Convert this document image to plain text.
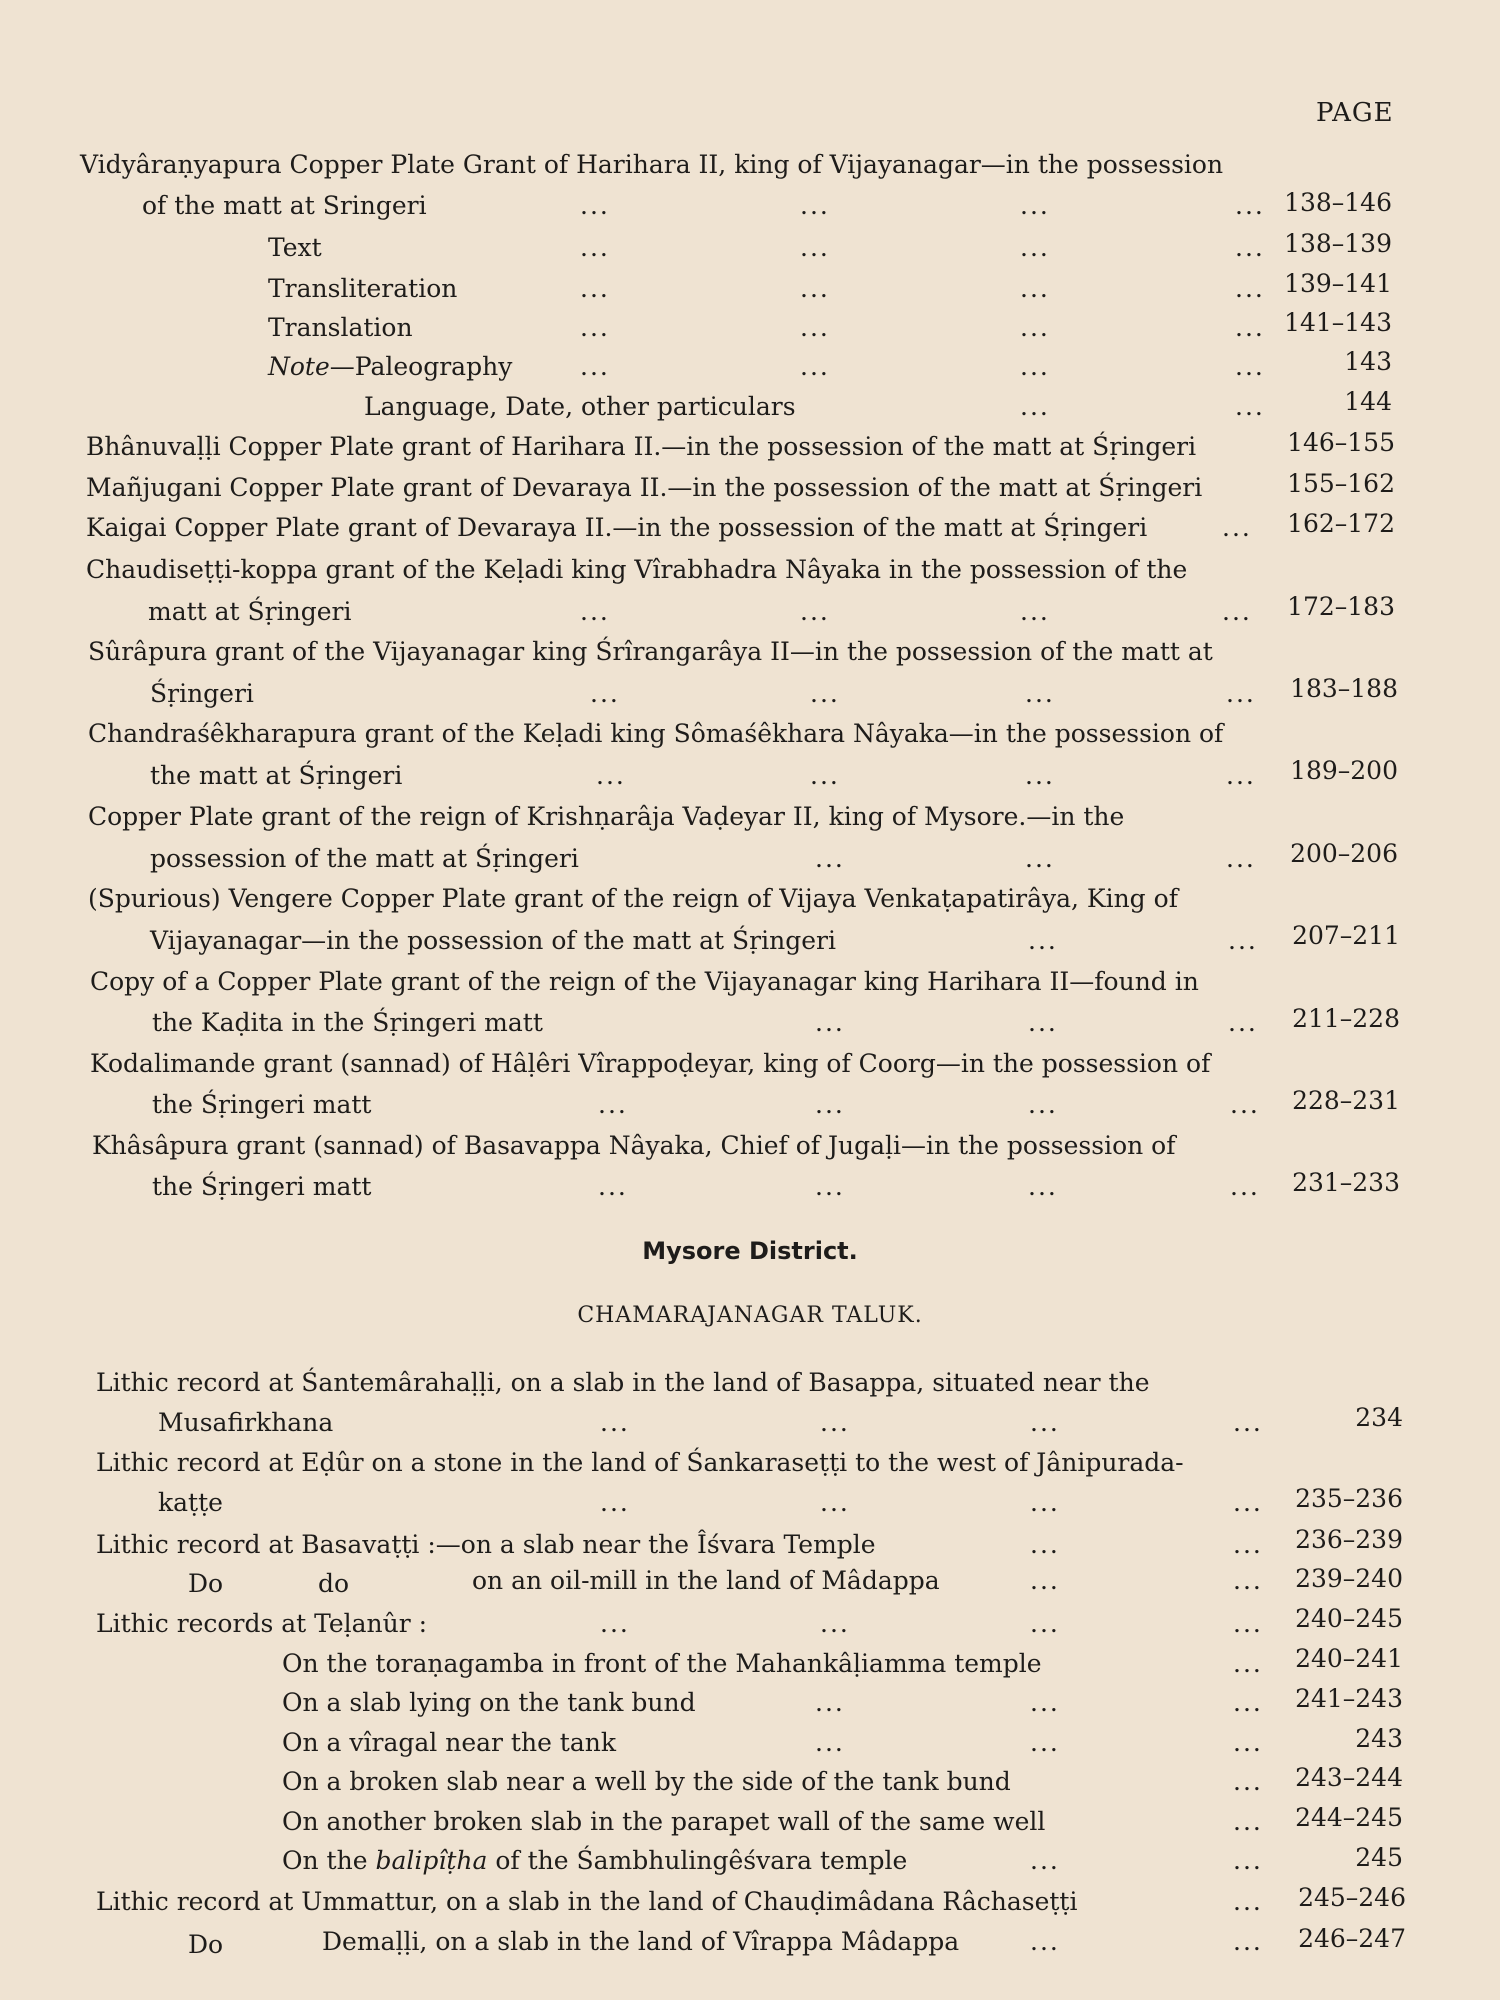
PAGE
Vidyâraṇyapura Copper Plate Grant of Harihara II, king of Vijayanagar—in the possession
of the matt at Sringeri	...	...	...	... 138–146
Text	...	...	...	... 138–139
Transliteration	...	...	...	... 139–141
Translation	...	...	...	... 141–143
Note—Paleography	...	...	...	...	143
Language, Date, other particulars	...	...	144
Bhânuvaḷḷi Copper Plate grant of Harihara II.—in the possession of the matt at Śṛingeri	146–155
Mañjugani Copper Plate grant of Devaraya II.—in the possession of the matt at Śṛingeri	155–162
Kaigai Copper Plate grant of Devaraya II.—in the possession of the matt at Śṛingeri	...	162–172
Chaudiseṭṭi-koppa grant of the Keḷadi king Vîrabhadra Nâyaka in the possession of the
matt at Śṛingeri	...	...	...	...	172–183
Sûrâpura grant of the Vijayanagar king Śrîrangarâya II—in the possession of the matt at
Śṛingeri	...	...	...	...	183–188
Chandraśêkharapura grant of the Keḷadi king Sômaśêkhara Nâyaka—in the possession of
the matt at Śṛingeri	...	...	...	...	189–200
Copper Plate grant of the reign of Krishṇarâja Vaḍeyar II, king of Mysore.—in the
possession of the matt at Śṛingeri	...	...	...	200–206
(Spurious) Vengere Copper Plate grant of the reign of Vijaya Venkaṭapatirâya, King of
Vijayanagar—in the possession of the matt at Śṛingeri	...	...	207–211
Copy of a Copper Plate grant of the reign of the Vijayanagar king Harihara II—found in
the Kaḍita in the Śṛingeri matt	...	...	...	211–228
Kodalimande grant (sannad) of Hâḷêri Vîrappoḍeyar, king of Coorg—in the possession of
the Śṛingeri matt	...	...	...	...	228–231
Khâsâpura grant (sannad) of Basavappa Nâyaka, Chief of Jugaḷi—in the possession of
the Śṛingeri matt	...	...	...	...	231–233
Mysore District.
CHAMARAJANAGAR TALUK.
Lithic record at Śantemârahaḷḷi, on a slab in the land of Basappa, situated near the
Musafirkhana	...	...	...	...	234
Lithic record at Eḍûr on a stone in the land of Śankaraseṭṭi to the west of Jânipurada-
kaṭṭe	...	...	...	...	235–236
Lithic record at Basavaṭṭi :—on a slab near the Îśvara Temple	...	...	236–239
Do	do	on an oil-mill in the land of Mâdappa	...	...	239–240
Lithic records at Teḷanûr :	...	...	...	...	240–245
On the toraṇagamba in front of the Mahankâḷiamma temple	...	240–241
On a slab lying on the tank bund	...	...	...	241–243
On a vîragal near the tank	...	...	...	243
On a broken slab near a well by the side of the tank bund	...	243–244
On another broken slab in the parapet wall of the same well	...	244–245
On the balipîṭha of the Śambhulingêśvara temple	...	...	245
Lithic record at Ummattur, on a slab in the land of Chauḍimâdana Râchaseṭṭi	...	245–246
Do	Demaḷḷi, on a slab in the land of Vîrappa Mâdappa	...	...	246–247
